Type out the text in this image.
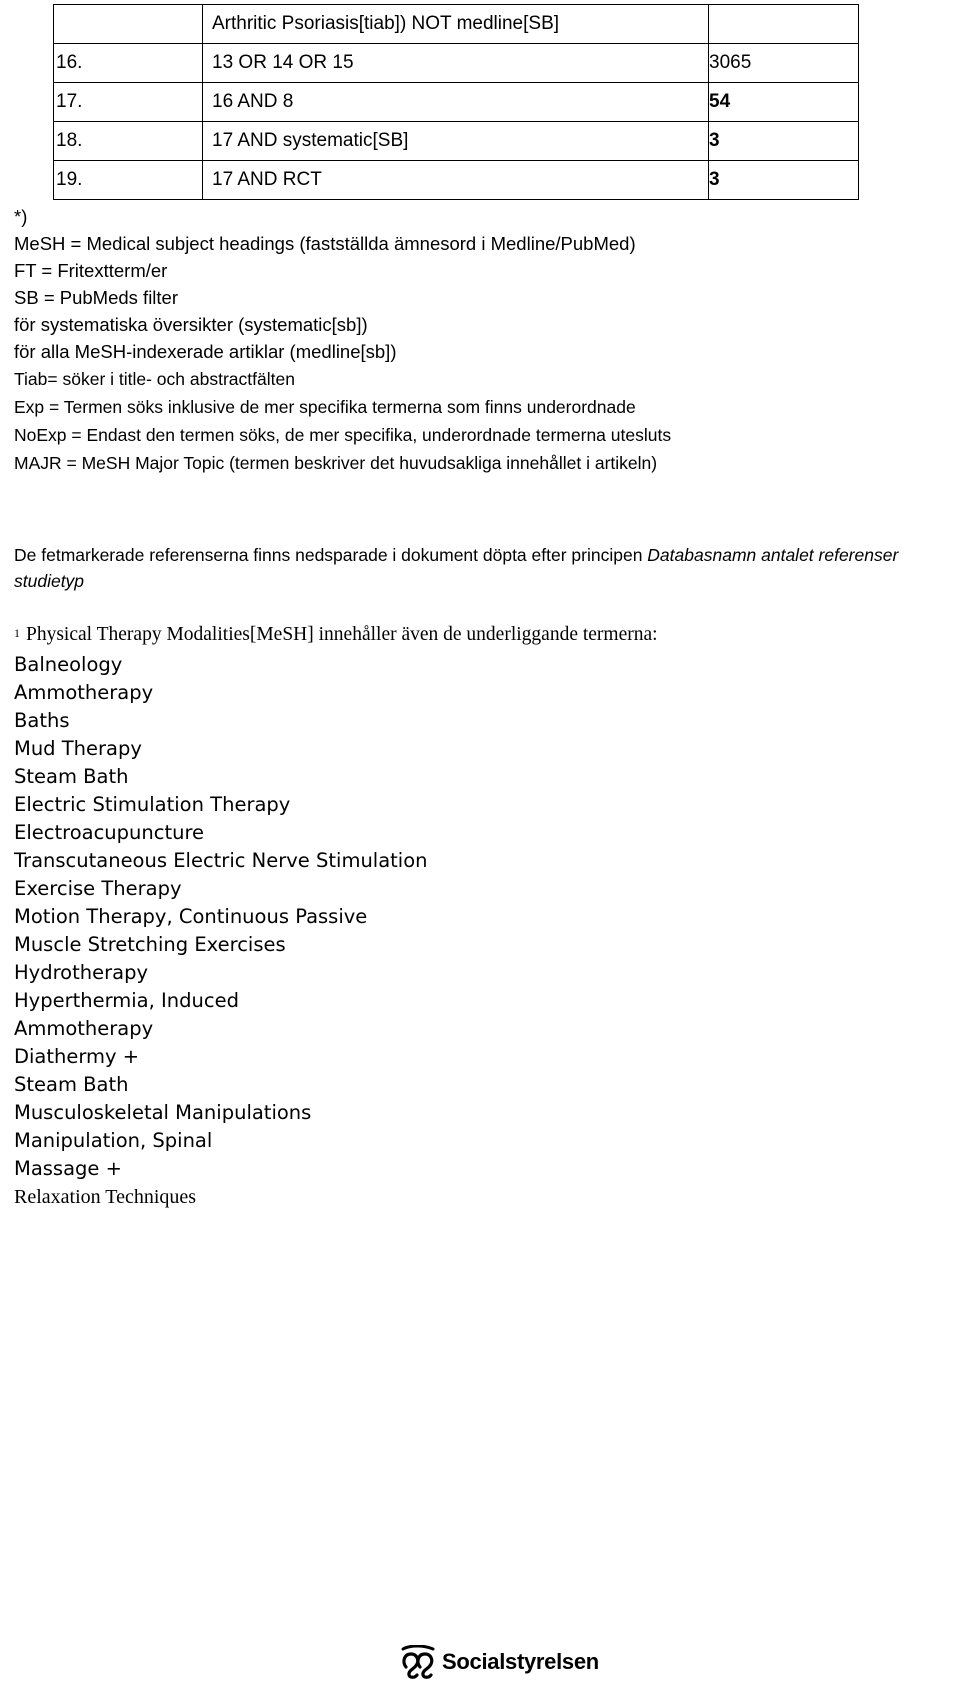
	Arthritic Psoriasis[tiab]) NOT medline[SB]	
16.	13 OR 14 OR 15	3065
17.	16 AND 8	54
18.	17 AND systematic[SB]	3
19.	17 AND RCT	3
*)
MeSH = Medical subject headings (fastställda ämnesord i Medline/PubMed)
FT = Fritextterm/er
SB = PubMeds filter
för systematiska översikter (systematic[sb])
för alla MeSH-indexerade artiklar (medline[sb])
Tiab= söker i title- och abstractfälten
Exp = Termen söks inklusive de mer specifika termerna som finns underordnade
NoExp = Endast den termen söks, de mer specifika, underordnade termerna utesluts
MAJR = MeSH Major Topic (termen beskriver det huvudsakliga innehållet i artikeln)
De fetmarkerade referenserna finns nedsparade i dokument döpta efter principen Databasnamn antalet referenser studietyp
$^1$ Physical Therapy Modalities[MeSH] innehåller även de underliggande termerna:
Balneology
Ammotherapy
Baths
Mud Therapy
Steam Bath
Electric Stimulation Therapy
Electroacupuncture
Transcutaneous Electric Nerve Stimulation
Exercise Therapy
Motion Therapy, Continuous Passive
Muscle Stretching Exercises
Hydrotherapy
Hyperthermia, Induced
Ammotherapy
Diathermy +
Steam Bath
Musculoskeletal Manipulations
Manipulation, Spinal
Massage +
Relaxation Techniques
Socialstyrelsen
